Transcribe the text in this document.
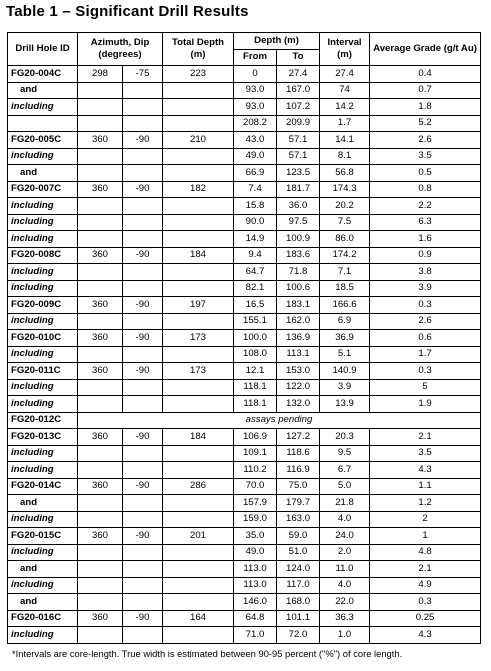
Table 1 – Significant Drill Results
Drill Hole ID	Azimuth, Dip (degrees)		Total Depth (m)	Depth (m)		Interval (m)	Average Grade (g/t Au)
				From	To		
FG20-004C	298	-75	223	0	27.4	27.4	0.4
and				93.0	167.0	74	0.7
including				93.0	107.2	14.2	1.8
				208.2	209.9	1.7	5.2
FG20-005C	360	-90	210	43.0	57.1	14.1	2.6
including				49.0	57.1	8.1	3.5
and				66.9	123.5	56.8	0.5
FG20-007C	360	-90	182	7.4	181.7	174.3	0.8
including				15.8	36.0	20.2	2.2
including				90.0	97.5	7.5	6.3
including				14.9	100.9	86.0	1.6
FG20-008C	360	-90	184	9.4	183.6	174.2	0.9
including				64.7	71.8	7.1	3.8
including				82.1	100.6	18.5	3.9
FG20-009C	360	-90	197	16.5	183.1	166.6	0.3
including				155.1	162.0	6.9	2.6
FG20-010C	360	-90	173	100.0	136.9	36.9	0.6
including				108.0	113.1	5.1	1.7
FG20-011C	360	-90	173	12.1	153.0	140.9	0.3
including				118.1	122.0	3.9	5
including				118.1	132.0	13.9	1.9
FG20-012C	assays pending						
FG20-013C	360	-90	184	106.9	127.2	20.3	2.1
including				109.1	118.6	9.5	3.5
including				110.2	116.9	6.7	4.3
FG20-014C	360	-90	286	70.0	75.0	5.0	1.1
and				157.9	179.7	21.8	1.2
including				159.0	163.0	4.0	2
FG20-015C	360	-90	201	35.0	59.0	24.0	1
including				49.0	51.0	2.0	4.8
and				113.0	124.0	11.0	2.1
including				113.0	117.0	4.0	4.9
and				146.0	168.0	22.0	0.3
FG20-016C	360	-90	164	64.8	101.1	36.3	0.25
including				71.0	72.0	1.0	4.3
*Intervals are core-length. True width is estimated between 90-95 percent ("%") of core length.
